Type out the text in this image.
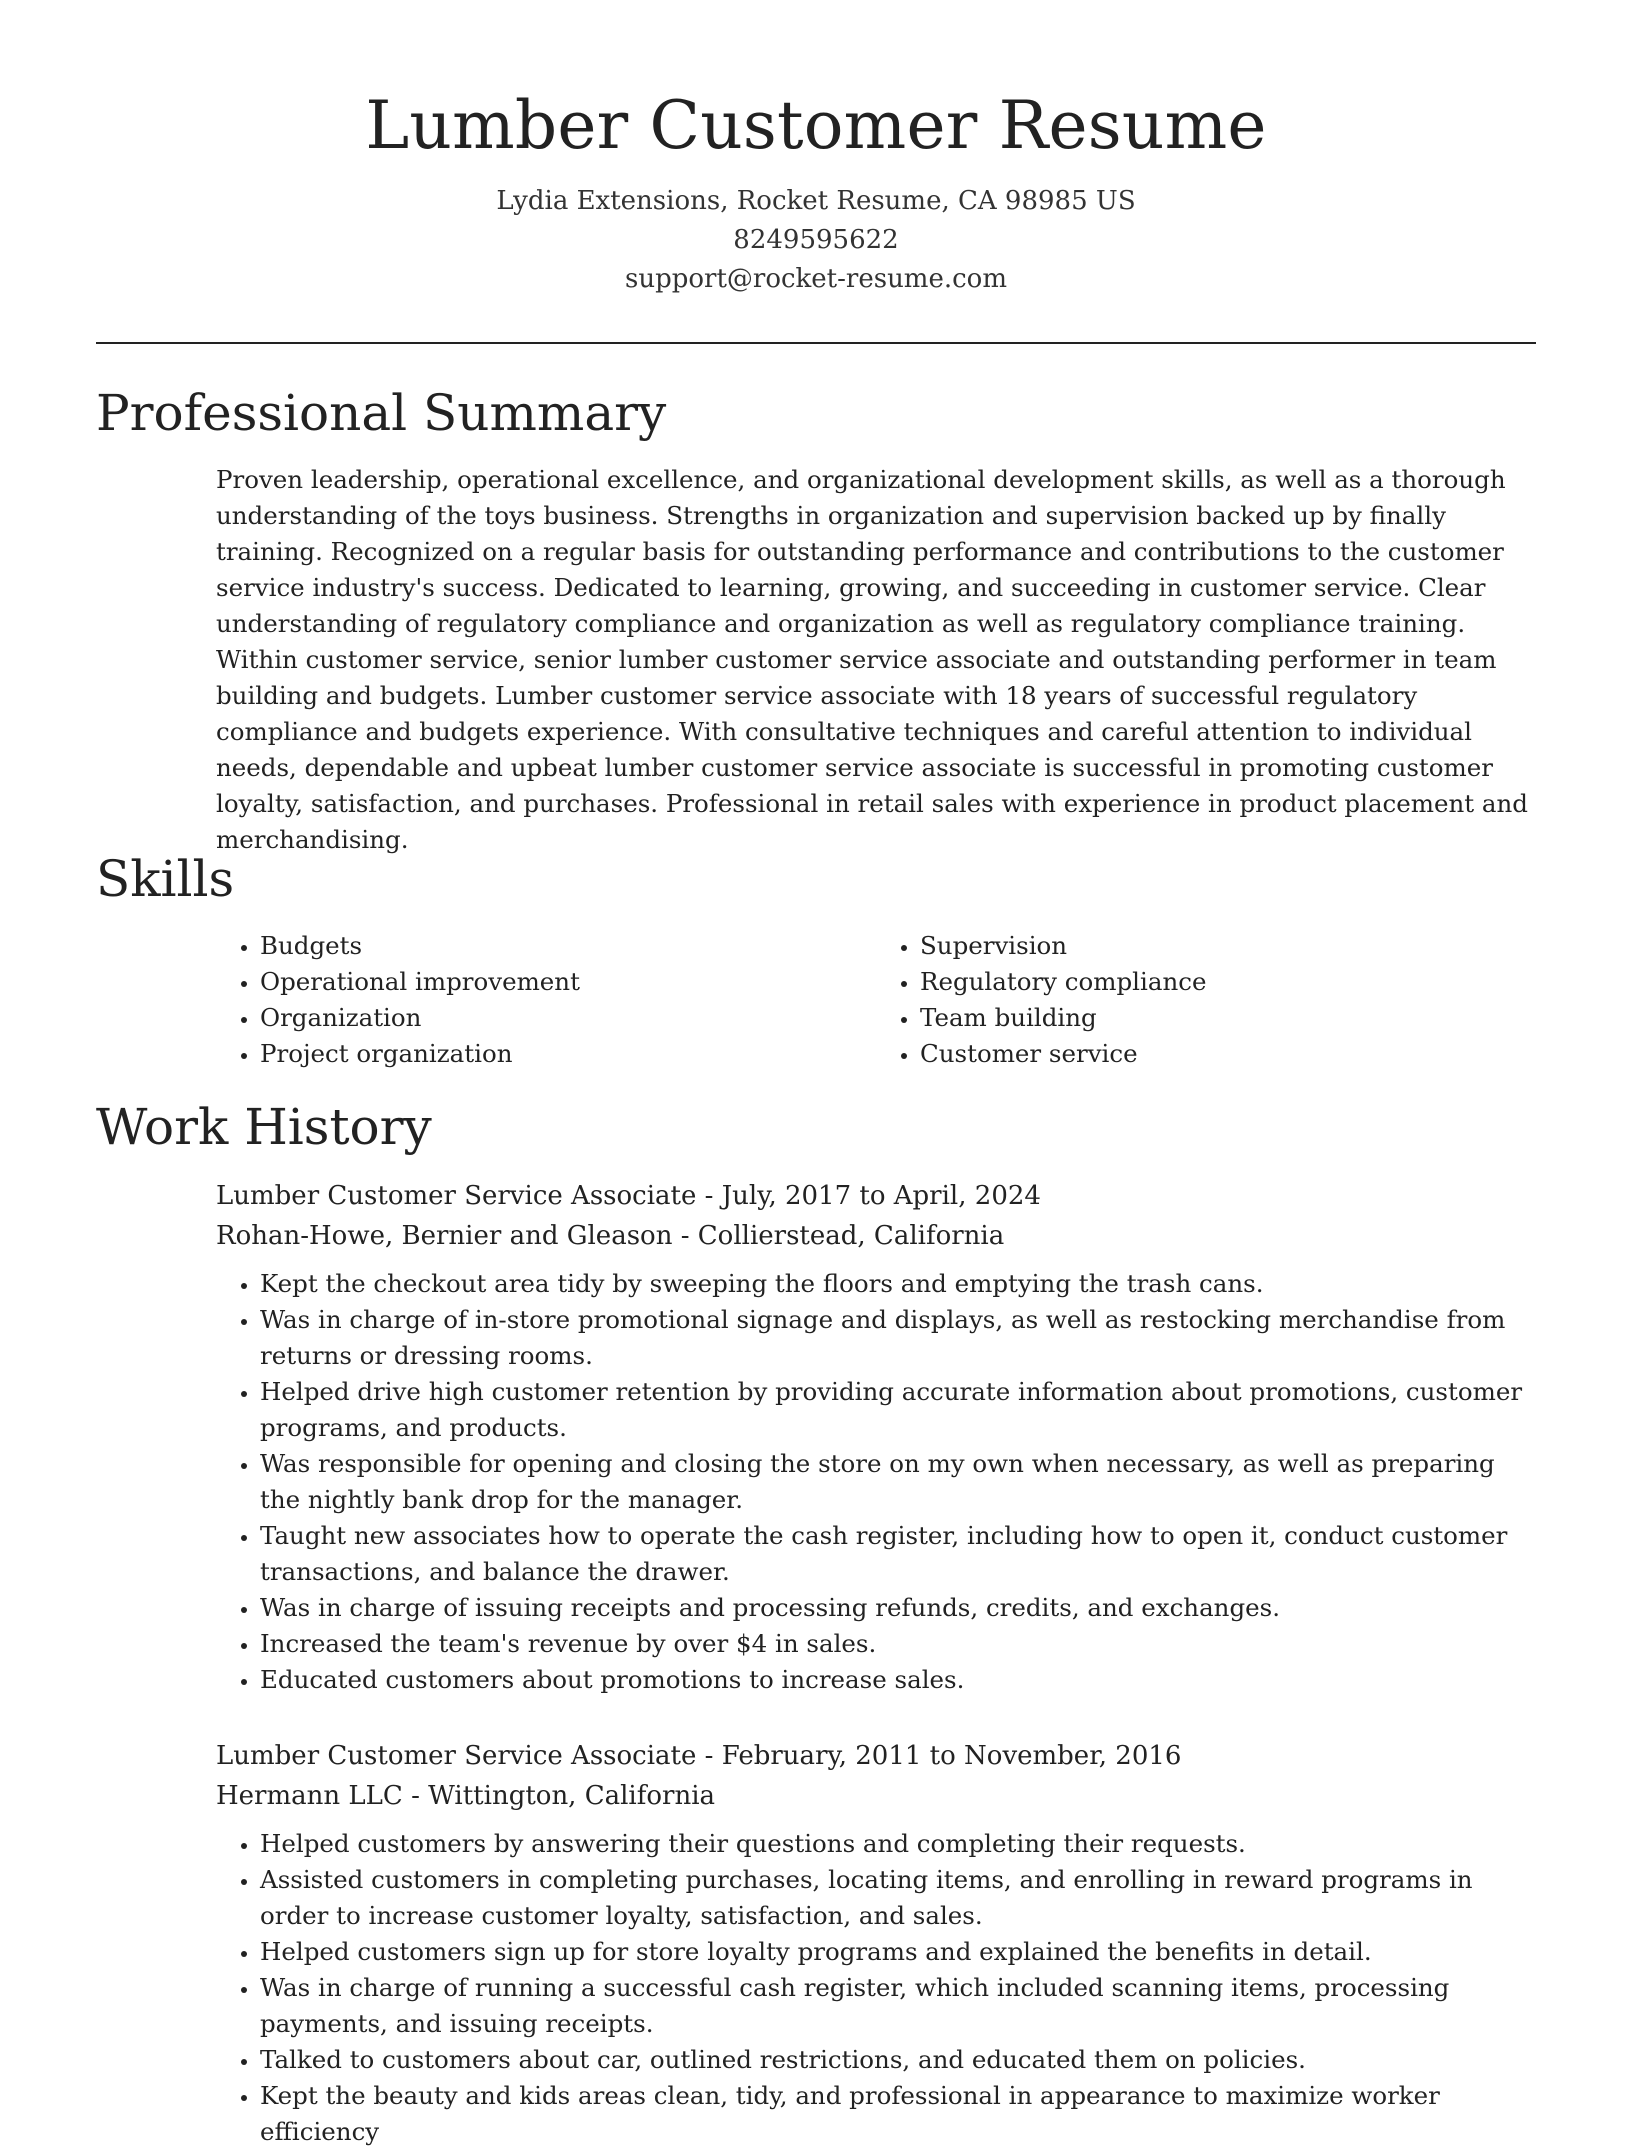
Lumber Customer Resume
Lydia Extensions, Rocket Resume, CA 98985 US
8249595622
support@rocket-resume.com
Professional Summary

Proven leadership, operational excellence, and organizational development skills, as well as a thorough understanding of the toys business. Strengths in organization and supervision backed up by finally training. Recognized on a regular basis for outstanding performance and contributions to the customer service industry's success. Dedicated to learning, growing, and succeeding in customer service. Clear understanding of regulatory compliance and organization as well as regulatory compliance training. Within customer service, senior lumber customer service associate and outstanding performer in team building and budgets. Lumber customer service associate with 18 years of successful regulatory compliance and budgets experience. With consultative techniques and careful attention to individual needs, dependable and upbeat lumber customer service associate is successful in promoting customer loyalty, satisfaction, and purchases. Professional in retail sales with experience in product placement and merchandising.

Skills
• Budgets
• Operational improvement
• Organization
• Project organization
• Supervision
• Regulatory compliance
• Team building
• Customer service
Work History
Lumber Customer Service Associate - July, 2017 to April, 2024
Rohan-Howe, Bernier and Gleason - Collierstead, California
• Kept the checkout area tidy by sweeping the floors and emptying the trash cans.
• Was in charge of in-store promotional signage and displays, as well as restocking merchandise from returns or dressing rooms.
• Helped drive high customer retention by providing accurate information about promotions, customer programs, and products.
• Was responsible for opening and closing the store on my own when necessary, as well as preparing the nightly bank drop for the manager.
• Taught new associates how to operate the cash register, including how to open it, conduct customer transactions, and balance the drawer.
• Was in charge of issuing receipts and processing refunds, credits, and exchanges.
• Increased the team's revenue by over $4 in sales.
• Educated customers about promotions to increase sales.
Lumber Customer Service Associate - February, 2011 to November, 2016
Hermann LLC - Wittington, California
• Helped customers by answering their questions and completing their requests.
• Assisted customers in completing purchases, locating items, and enrolling in reward programs in order to increase customer loyalty, satisfaction, and sales.
• Helped customers sign up for store loyalty programs and explained the benefits in detail.
• Was in charge of running a successful cash register, which included scanning items, processing payments, and issuing receipts.
• Talked to customers about car, outlined restrictions, and educated them on policies.
• Kept the beauty and kids areas clean, tidy, and professional in appearance to maximize worker efficiency
